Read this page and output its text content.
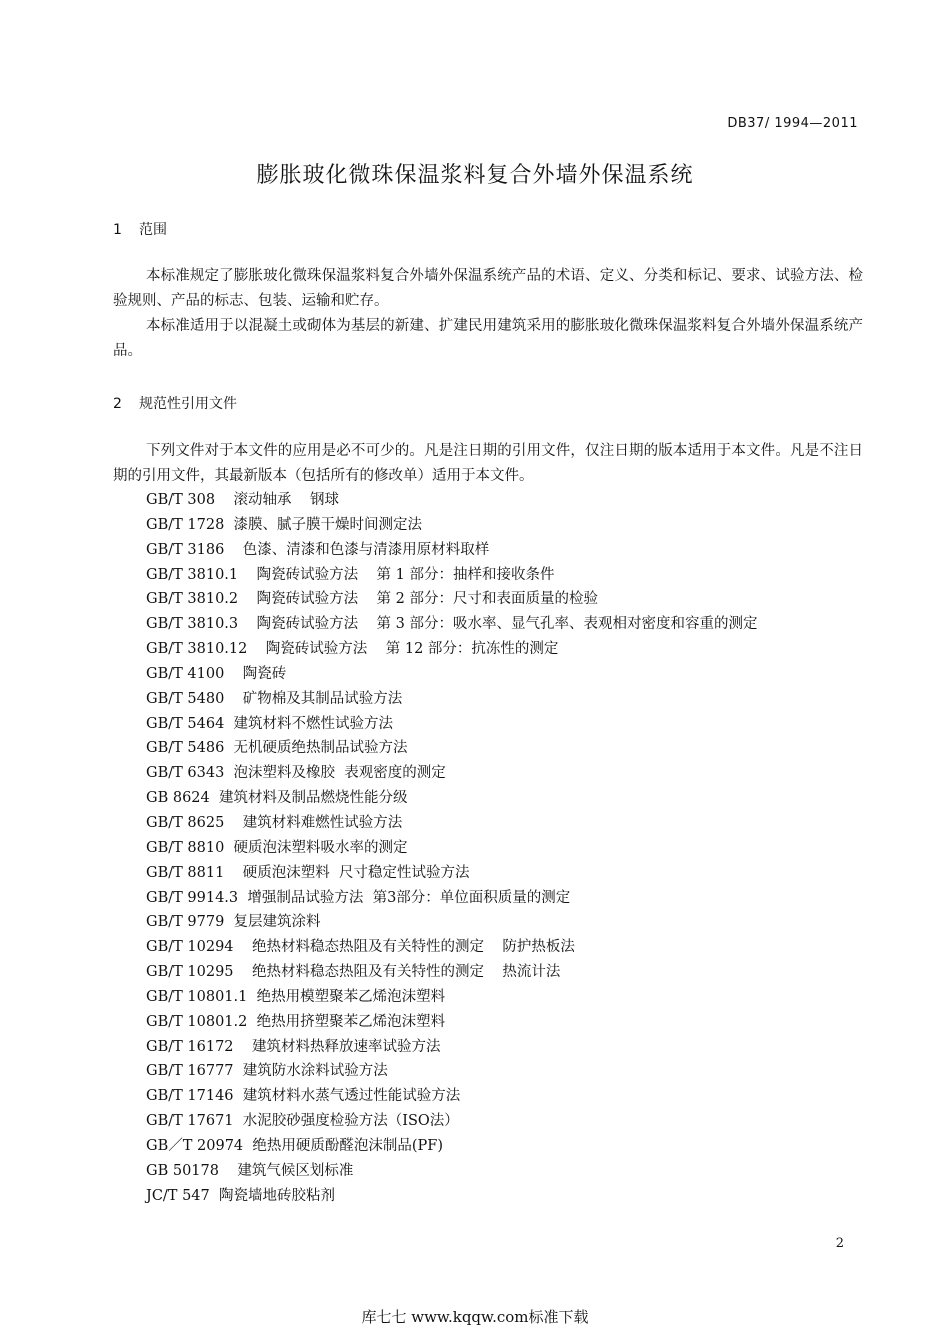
DB37/ 1994—2011
膨胀玻化微珠保温浆料复合外墙外保温系统
1 范围

本标准规定了膨胀玻化微珠保温浆料复合外墙外保温系统产品的术语、定义、分类和标记、要求、试验方法、检验规则、产品的标志、包装、运输和贮存。

本标准适用于以混凝土或砌体为基层的新建、扩建民用建筑采用的膨胀玻化微珠保温浆料复合外墙外保温系统产品。

2 规范性引用文件

下列文件对于本文件的应用是必不可少的。凡是注日期的引用文件，仅注日期的版本适用于本文件。凡是不注日期的引用文件，其最新版本（包括所有的修改单）适用于本文件。

GB/T 308    滚动轴承    钢球
GB/T 1728  漆膜、腻子膜干燥时间测定法
GB/T 3186    色漆、清漆和色漆与清漆用原材料取样
GB/T 3810.1    陶瓷砖试验方法    第 1 部分：抽样和接收条件
GB/T 3810.2    陶瓷砖试验方法    第 2 部分：尺寸和表面质量的检验
GB/T 3810.3    陶瓷砖试验方法    第 3 部分：吸水率、显气孔率、表观相对密度和容重的测定
GB/T 3810.12    陶瓷砖试验方法    第 12 部分：抗冻性的测定
GB/T 4100    陶瓷砖
GB/T 5480    矿物棉及其制品试验方法
GB/T 5464  建筑材料不燃性试验方法
GB/T 5486  无机硬质绝热制品试验方法
GB/T 6343  泡沫塑料及橡胶  表观密度的测定
GB 8624  建筑材料及制品燃烧性能分级
GB/T 8625    建筑材料难燃性试验方法
GB/T 8810  硬质泡沫塑料吸水率的测定
GB/T 8811    硬质泡沫塑料  尺寸稳定性试验方法
GB/T 9914.3  增强制品试验方法  第3部分：单位面积质量的测定
GB/T 9779  复层建筑涂料
GB/T 10294    绝热材料稳态热阻及有关特性的测定    防护热板法
GB/T 10295    绝热材料稳态热阻及有关特性的测定    热流计法
GB/T 10801.1  绝热用模塑聚苯乙烯泡沫塑料
GB/T 10801.2  绝热用挤塑聚苯乙烯泡沫塑料
GB/T 16172    建筑材料热释放速率试验方法
GB/T 16777  建筑防水涂料试验方法
GB/T 17146  建筑材料水蒸气透过性能试验方法
GB/T 17671  水泥胶砂强度检验方法（ISO法）
GB／T 20974  绝热用硬质酚醛泡沫制品(PF)
GB 50178    建筑气候区划标准
JC/T 547  陶瓷墙地砖胶粘剂
2
库七七 www.kqqw.com标准下载
